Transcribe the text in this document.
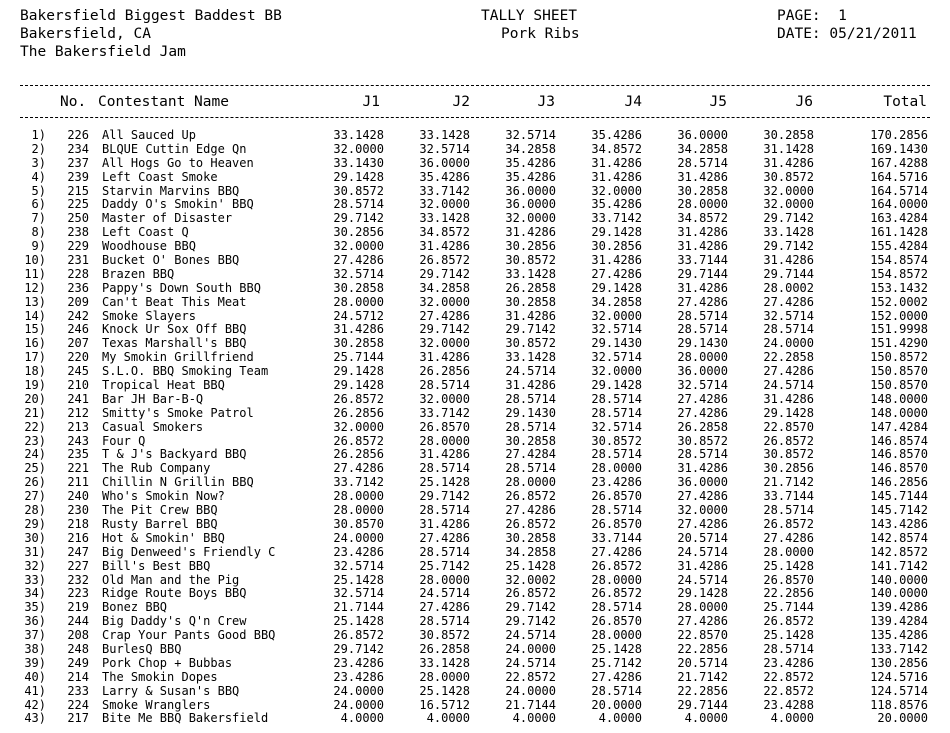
Bakersfield Biggest Baddest BB
Bakersfield, CA
The Bakersfield Jam
TALLY SHEET
Pork Ribs
PAGE: 1
DATE: 05/21/2011
No. Contestant Name	J1	J2	J3	J4	J5	J6	Total
1)	226 All Sauced Up	33.1428	33.1428	32.5714	35.4286	36.0000	30.2858	170.2856
2)	234 BLQUE Cuttin Edge Qn	32.0000	32.5714	34.2858	34.8572	34.2858	31.1428	169.1430
3)	237 All Hogs Go to Heaven	33.1430	36.0000	35.4286	31.4286	28.5714	31.4286	167.4288
4)	239 Left Coast Smoke	29.1428	35.4286	35.4286	31.4286	31.4286	30.8572	164.5716
5)	215 Starvin Marvins BBQ	30.8572	33.7142	36.0000	32.0000	30.2858	32.0000	164.5714
6)	225 Daddy O's Smokin' BBQ	28.5714	32.0000	36.0000	35.4286	28.0000	32.0000	164.0000
7)	250 Master of Disaster	29.7142	33.1428	32.0000	33.7142	34.8572	29.7142	163.4284
8)	238 Left Coast Q	30.2856	34.8572	31.4286	29.1428	31.4286	33.1428	161.1428
9)	229 Woodhouse BBQ	32.0000	31.4286	30.2856	30.2856	31.4286	29.7142	155.4284
10)	231 Bucket O' Bones BBQ	27.4286	26.8572	30.8572	31.4286	33.7144	31.4286	154.8574
11)	228 Brazen BBQ	32.5714	29.7142	33.1428	27.4286	29.7144	29.7144	154.8572
12)	236 Pappy's Down South BBQ	30.2858	34.2858	26.2858	29.1428	31.4286	28.0002	153.1432
13)	209 Can't Beat This Meat	28.0000	32.0000	30.2858	34.2858	27.4286	27.4286	152.0002
14)	242 Smoke Slayers	24.5712	27.4286	31.4286	32.0000	28.5714	32.5714	152.0000
15)	246 Knock Ur Sox Off BBQ	31.4286	29.7142	29.7142	32.5714	28.5714	28.5714	151.9998
16)	207 Texas Marshall's BBQ	30.2858	32.0000	30.8572	29.1430	29.1430	24.0000	151.4290
17)	220 My Smokin Grillfriend	25.7144	31.4286	33.1428	32.5714	28.0000	22.2858	150.8572
18)	245 S.L.O. BBQ Smoking Team	29.1428	26.2856	24.5714	32.0000	36.0000	27.4286	150.8570
19)	210 Tropical Heat BBQ	29.1428	28.5714	31.4286	29.1428	32.5714	24.5714	150.8570
20)	241 Bar JH Bar-B-Q	26.8572	32.0000	28.5714	28.5714	27.4286	31.4286	148.0000
21)	212 Smitty's Smoke Patrol	26.2856	33.7142	29.1430	28.5714	27.4286	29.1428	148.0000
22)	213 Casual Smokers	32.0000	26.8570	28.5714	32.5714	26.2858	22.8570	147.4284
23)	243 Four Q	26.8572	28.0000	30.2858	30.8572	30.8572	26.8572	146.8574
24)	235 T & J's Backyard BBQ	26.2856	31.4286	27.4284	28.5714	28.5714	30.8572	146.8570
25)	221 The Rub Company	27.4286	28.5714	28.5714	28.0000	31.4286	30.2856	146.8570
26)	211 Chillin N Grillin BBQ	33.7142	25.1428	28.0000	23.4286	36.0000	21.7142	146.2856
27)	240 Who's Smokin Now?	28.0000	29.7142	26.8572	26.8570	27.4286	33.7144	145.7144
28)	230 The Pit Crew BBQ	28.0000	28.5714	27.4286	28.5714	32.0000	28.5714	145.7142
29)	218 Rusty Barrel BBQ	30.8570	31.4286	26.8572	26.8570	27.4286	26.8572	143.4286
30)	216 Hot & Smokin' BBQ	24.0000	27.4286	30.2858	33.7144	20.5714	27.4286	142.8574
31)	247 Big Denweed's Friendly C	23.4286	28.5714	34.2858	27.4286	24.5714	28.0000	142.8572
32)	227 Bill's Best BBQ	32.5714	25.7142	25.1428	26.8572	31.4286	25.1428	141.7142
33)	232 Old Man and the Pig	25.1428	28.0000	32.0002	28.0000	24.5714	26.8570	140.0000
34)	223 Ridge Route Boys BBQ	32.5714	24.5714	26.8572	26.8572	29.1428	22.2856	140.0000
35)	219 Bonez BBQ	21.7144	27.4286	29.7142	28.5714	28.0000	25.7144	139.4286
36)	244 Big Daddy's Q'n Crew	25.1428	28.5714	29.7142	26.8570	27.4286	26.8572	139.4284
37)	208 Crap Your Pants Good BBQ	26.8572	30.8572	24.5714	28.0000	22.8570	25.1428	135.4286
38)	248 BurlesQ BBQ	29.7142	26.2858	24.0000	25.1428	22.2856	28.5714	133.7142
39)	249 Pork Chop + Bubbas	23.4286	33.1428	24.5714	25.7142	20.5714	23.4286	130.2856
40)	214 The Smokin Dopes	23.4286	28.0000	22.8572	27.4286	21.7142	22.8572	124.5716
41)	233 Larry & Susan's BBQ	24.0000	25.1428	24.0000	28.5714	22.2856	22.8572	124.5714
42)	224 Smoke Wranglers	24.0000	16.5712	21.7144	20.0000	29.7144	23.4288	118.8576
43)	217 Bite Me BBQ Bakersfield	4.0000	4.0000	4.0000	4.0000	4.0000	4.0000	20.0000
